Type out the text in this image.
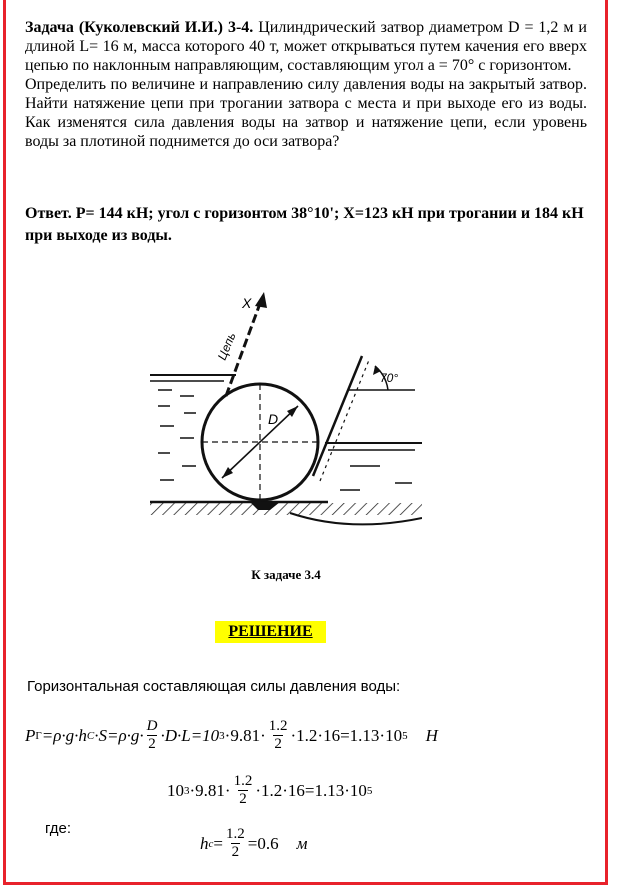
Задача (Куколевский И.И.) 3-4. Цилиндрический затвор диаметром D = 1,2 м и длиной L= 16 м, масса которого 40 т, может открываться путем качения его вверх цепью по наклонным направляющим, составляющим угол a = 70° с горизонтом.

Определить по величине и направлению силу давления воды на закрытый затвор. Найти натяжение цепи при трогании затвора с места и при выходе его из воды. Как изменятся сила давления воды на затвор и натяжение цепи, если уровень воды за плотиной поднимется до оси затвора?

Ответ. P= 144 кН; угол с горизонтом 38°10'; X=123 кН при трогании и 184 кН при выходе из воды.
X
Цепь
D
70°
К задаче 3.4
РЕШЕНИЕ
Горизонтальная составляющая силы давления воды:
P Г =ρ·g·h $C \cdot S=\rho\cdot g\cdot \frac{D}{2} \cdot D\cdot L=10$ $3 \cdot 9.81\cdot \frac{1.2}{2} \cdot 1.2\cdot 16=1.13\cdot 10$ 5 Н
10 $3 \cdot 9.81\cdot \frac{1.2}{2} \cdot 1.2\cdot 16=1.13\cdot 10$ 5
где:
h $c = \frac{1.2}{2} =0.6$ м
